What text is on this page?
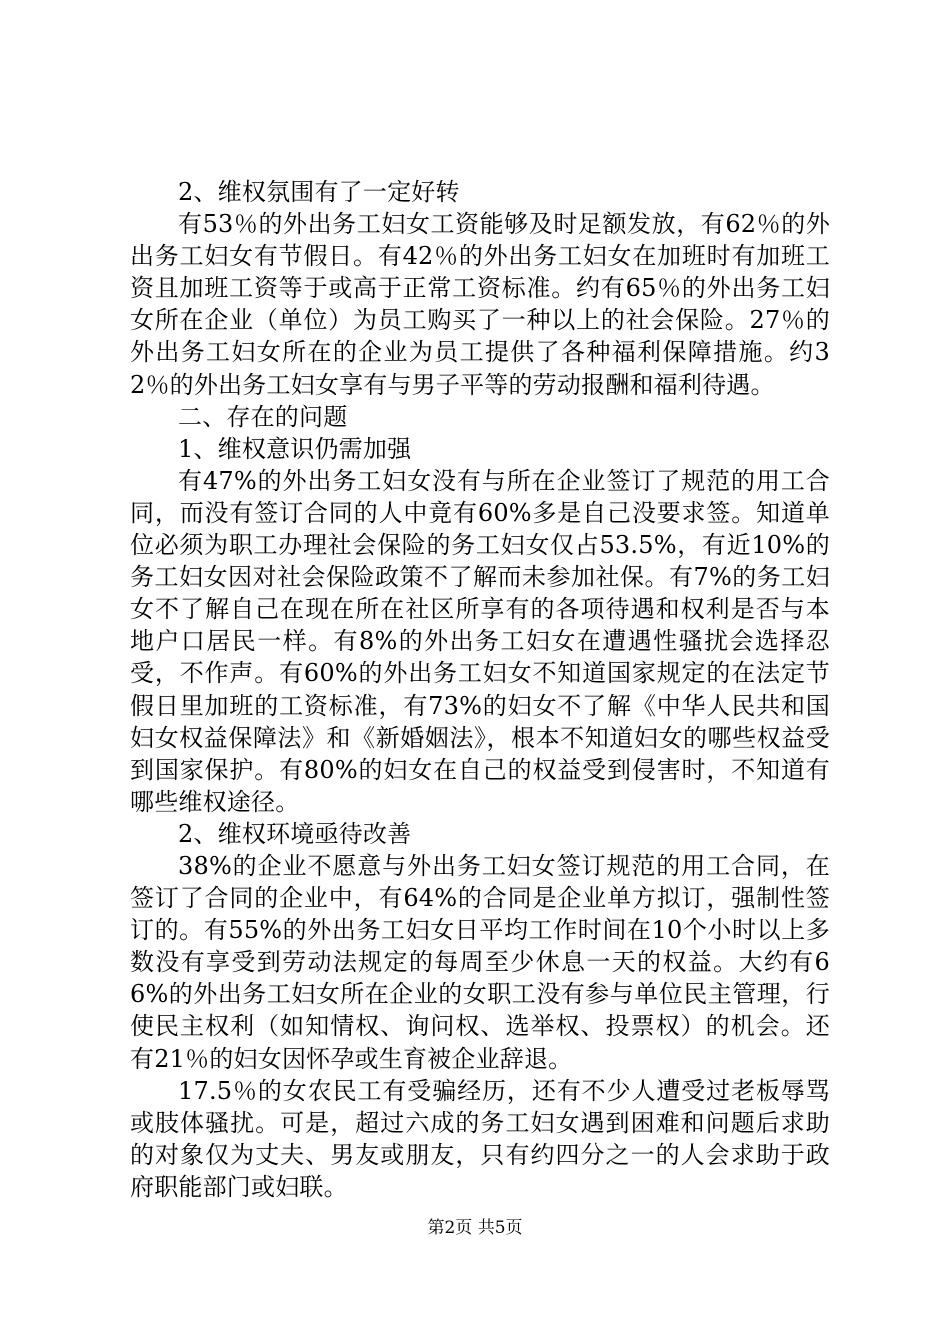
2、维权氛围有了一定好转

有53％的外出务工妇女工资能够及时足额发放，有62％的外出务工妇女有节假日。有42％的外出务工妇女在加班时有加班工资且加班工资等于或高于正常工资标准。约有65％的外出务工妇女所在企业（单位）为员工购买了一种以上的社会保险。27％的外出务工妇女所在的企业为员工提供了各种福利保障措施。约32％的外出务工妇女享有与男子平等的劳动报酬和福利待遇。

二、存在的问题

1、维权意识仍需加强

有47%的外出务工妇女没有与所在企业签订了规范的用工合同，而没有签订合同的人中竟有60%多是自己没要求签。知道单位必须为职工办理社会保险的务工妇女仅占53.5%，有近10%的务工妇女因对社会保险政策不了解而未参加社保。有7%的务工妇女不了解自己在现在所在社区所享有的各项待遇和权利是否与本地户口居民一样。有8%的外出务工妇女在遭遇性骚扰会选择忍受，不作声。有60%的外出务工妇女不知道国家规定的在法定节假日里加班的工资标准，有73%的妇女不了解《中华人民共和国妇女权益保障法》和《新婚姻法》，根本不知道妇女的哪些权益受到国家保护。有80%的妇女在自己的权益受到侵害时，不知道有哪些维权途径。

2、维权环境亟待改善

38%的企业不愿意与外出务工妇女签订规范的用工合同，在签订了合同的企业中，有64%的合同是企业单方拟订，强制性签订的。有55%的外出务工妇女日平均工作时间在10个小时以上多数没有享受到劳动法规定的每周至少休息一天的权益。大约有66%的外出务工妇女所在企业的女职工没有参与单位民主管理，行使民主权利（如知情权、询问权、选举权、投票权）的机会。还有21％的妇女因怀孕或生育被企业辞退。

17.5％的女农民工有受骗经历，还有不少人遭受过老板辱骂或肢体骚扰。可是，超过六成的务工妇女遇到困难和问题后求助的对象仅为丈夫、男友或朋友，只有约四分之一的人会求助于政府职能部门或妇联。

第2页 共5页
